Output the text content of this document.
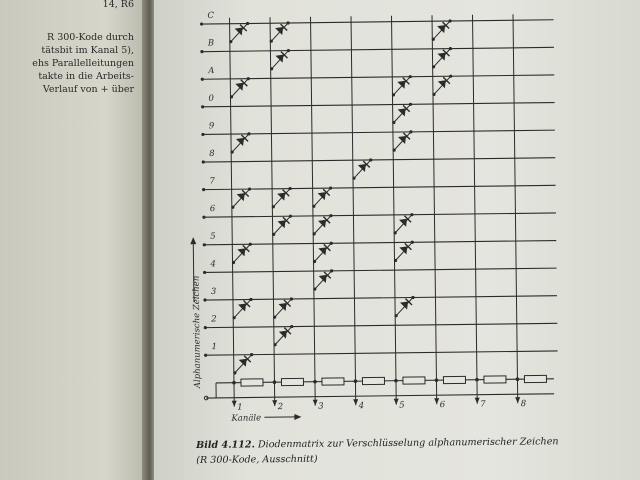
14, R6
R 300-Kode durch
tätsbit im Kanal 5),
ehs Parallelleitungen
takte in die Arbeits-
Verlauf von + über
C
B
A
0
9
8
7
6
5
4
3
2
1
1	2	3	4	5	6	7	8
Alphanumerische Zeichen
Kanäle
Bild 4.112. Diodenmatrix zur Verschlüsselung alphanumerischer Zeichen
(R 300-Kode, Ausschnitt)
